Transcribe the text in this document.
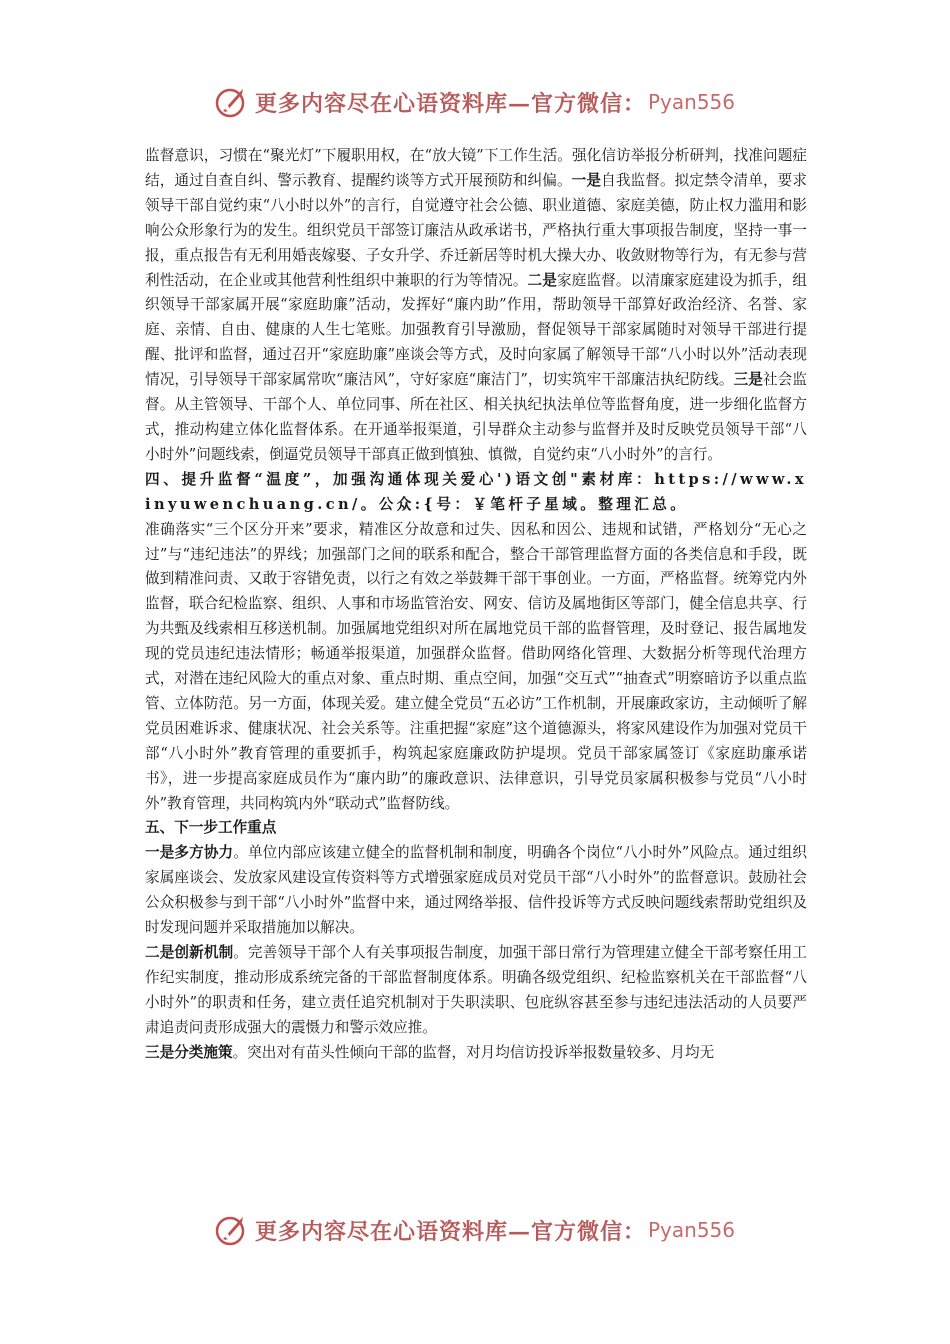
更多内容尽在心语资料库—官方微信： Pyan556

监督意识，习惯在“聚光灯”下履职用权，在“放大镜”下工作生活。强化信访举报分析研判，找准问题症结，通过自查自纠、警示教育、提醒约谈等方式开展预防和纠偏。一是自我监督。拟定禁令清单，要求领导干部自觉约束“八小时以外”的言行，自觉遵守社会公德、职业道德、家庭美德，防止权力滥用和影响公众形象行为的发生。组织党员干部签订廉洁从政承诺书，严格执行重大事项报告制度，坚持一事一报，重点报告有无利用婚丧嫁娶、子女升学、乔迁新居等时机大操大办、收敛财物等行为，有无参与营利性活动，在企业或其他营利性组织中兼职的行为等情况。二是家庭监督。以清廉家庭建设为抓手，组织领导干部家属开展“家庭助廉”活动，发挥好“廉内助”作用，帮助领导干部算好政治经济、名誉、家庭、亲情、自由、健康的人生七笔账。加强教育引导激励，督促领导干部家属随时对领导干部进行提醒、批评和监督，通过召开“家庭助廉”座谈会等方式，及时向家属了解领导干部“八小时以外”活动表现情况，引导领导干部家属常吹“廉洁风”，守好家庭“廉洁门”，切实筑牢干部廉洁执纪防线。三是社会监督。从主管领导、干部个人、单位同事、所在社区、相关执纪执法单位等监督角度，进一步细化监督方式，推动构建立体化监督体系。在开通举报渠道，引导群众主动参与监督并及时反映党员领导干部“八小时外”问题线索，倒逼党员领导干部真正做到慎独、慎微，自觉约束“八小时外”的言行。

四、提升监督“温度”，加强沟通体现关爱心')语文创"素材库：https://www.xinyuwenchuang.cn/。公众:{号：￥笔杆子星域。整理汇总。

准确落实“三个区分开来”要求，精准区分故意和过失、因私和因公、违规和试错，严格划分“无心之过”与“违纪违法”的界线；加强部门之间的联系和配合，整合干部管理监督方面的各类信息和手段，既做到精准问责、又敢于容错免责，以行之有效之举鼓舞干部干事创业。一方面，严格监督。统筹党内外监督，联合纪检监察、组织、人事和市场监管治安、网安、信访及属地街区等部门，健全信息共享、行为共甄及线索相互移送机制。加强属地党组织对所在属地党员干部的监督管理，及时登记、报告属地发现的党员违纪违法情形；畅通举报渠道，加强群众监督。借助网络化管理、大数据分析等现代治理方式，对潜在违纪风险大的重点对象、重点时期、重点空间，加强“交互式”“抽查式”明察暗访予以重点监管、立体防范。另一方面，体现关爱。建立健全党员“五必访”工作机制，开展廉政家访，主动倾听了解党员困难诉求、健康状况、社会关系等。注重把握“家庭”这个道德源头，将家风建设作为加强对党员干部“八小时外”教育管理的重要抓手，构筑起家庭廉政防护堤坝。党员干部家属签订《家庭助廉承诺书》，进一步提高家庭成员作为“廉内助”的廉政意识、法律意识，引导党员家属积极参与党员“八小时外”教育管理，共同构筑内外“联动式”监督防线。

五、下一步工作重点

一是多方协力。单位内部应该建立健全的监督机制和制度，明确各个岗位“八小时外”风险点。通过组织家属座谈会、发放家风建设宣传资料等方式增强家庭成员对党员干部“八小时外”的监督意识。鼓励社会公众积极参与到干部“八小时外”监督中来，通过网络举报、信件投诉等方式反映问题线索帮助党组织及时发现问题并采取措施加以解决。

二是创新机制。完善领导干部个人有关事项报告制度，加强干部日常行为管理建立健全干部考察任用工作纪实制度，推动形成系统完备的干部监督制度体系。明确各级党组织、纪检监察机关在干部监督“八小时外”的职责和任务，建立责任追究机制对于失职渎职、包庇纵容甚至参与违纪违法活动的人员要严肃追责问责形成强大的震慑力和警示效应推。

三是分类施策。突出对有苗头性倾向干部的监督，对月均信访投诉举报数量较多、月均无

更多内容尽在心语资料库—官方微信： Pyan556
